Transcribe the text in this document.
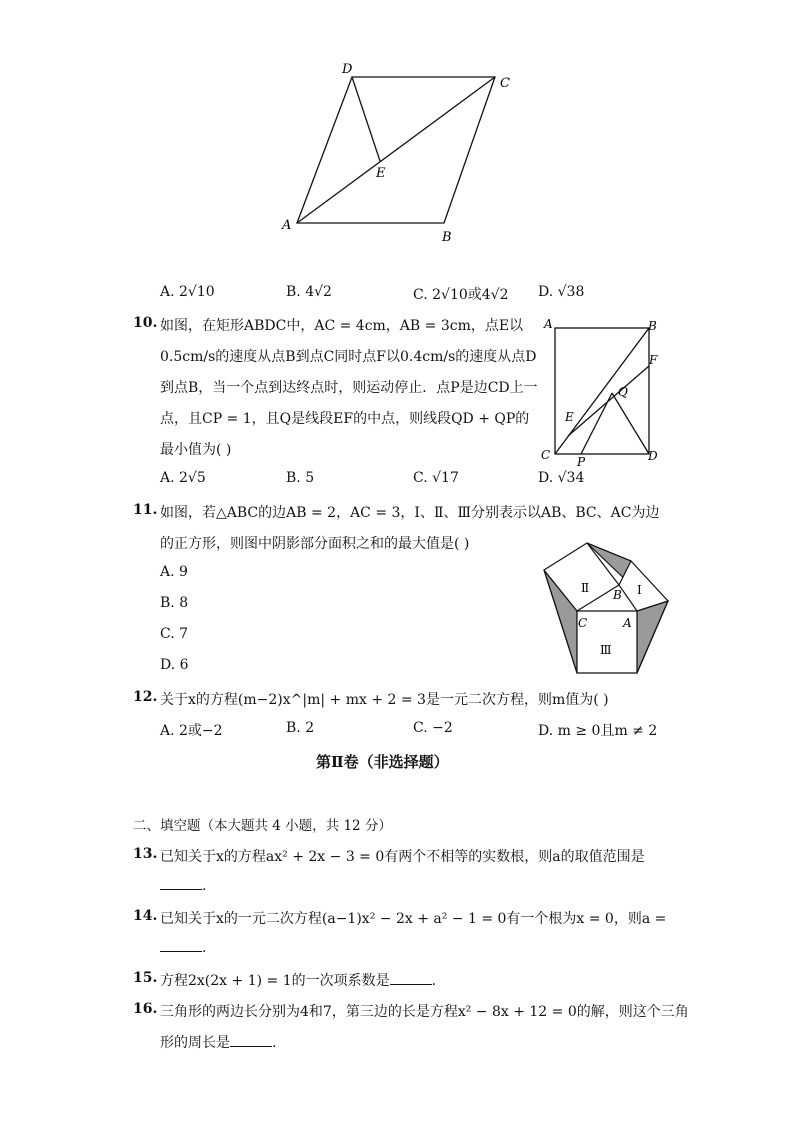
D
C
E
A
B
A. 2√10	B. 4√2	C. 2√10或4√2 D. √38
10. 如图，在矩形ABDC中，AC = 4cm，AB = 3cm，点E以
0.5cm/s的速度从点B到点C同时点F以0.4cm/s的速度从点D
到点B，当一个点到达终点时，则运动停止．点P是边CD上一
点，且CP = 1，且Q是线段EF的中点，则线段QD + QP的
最小值为( )
A. 2√5	B. 5	C. √17	D. √34
A	B
F
Q
E
C P	D
11. 如图，若△ABC的边AB = 2，AC = 3，Ⅰ、Ⅱ、Ⅲ分别表示以AB、BC、AC为边
的正方形，则图中阴影部分面积之和的最大值是( )
A. 9
B. 8
C. 7
D. 6
Ⅱ	Ⅰ
B
C	A
Ⅲ
12. 关于x的方程(m−2)x^|m| + mx + 2 = 3是一元二次方程，则m值为( )
A. 2或−2	B. 2	C. −2	D. m ≥ 0且m ≠ 2
第Ⅱ卷（非选择题）
二、填空题（本大题共 4 小题，共 12 分）
13. 已知关于x的方程ax² + 2x − 3 = 0有两个不相等的实数根，则a的取值范围是
.
14. 已知关于x的一元二次方程(a−1)x² − 2x + a² − 1 = 0有一个根为x = 0，则a =
.
15. 方程2x(2x + 1) = 1的一次项系数是	.
16. 三角形的两边长分别为4和7，第三边的长是方程x² − 8x + 12 = 0的解，则这个三角
形的周长是	.
